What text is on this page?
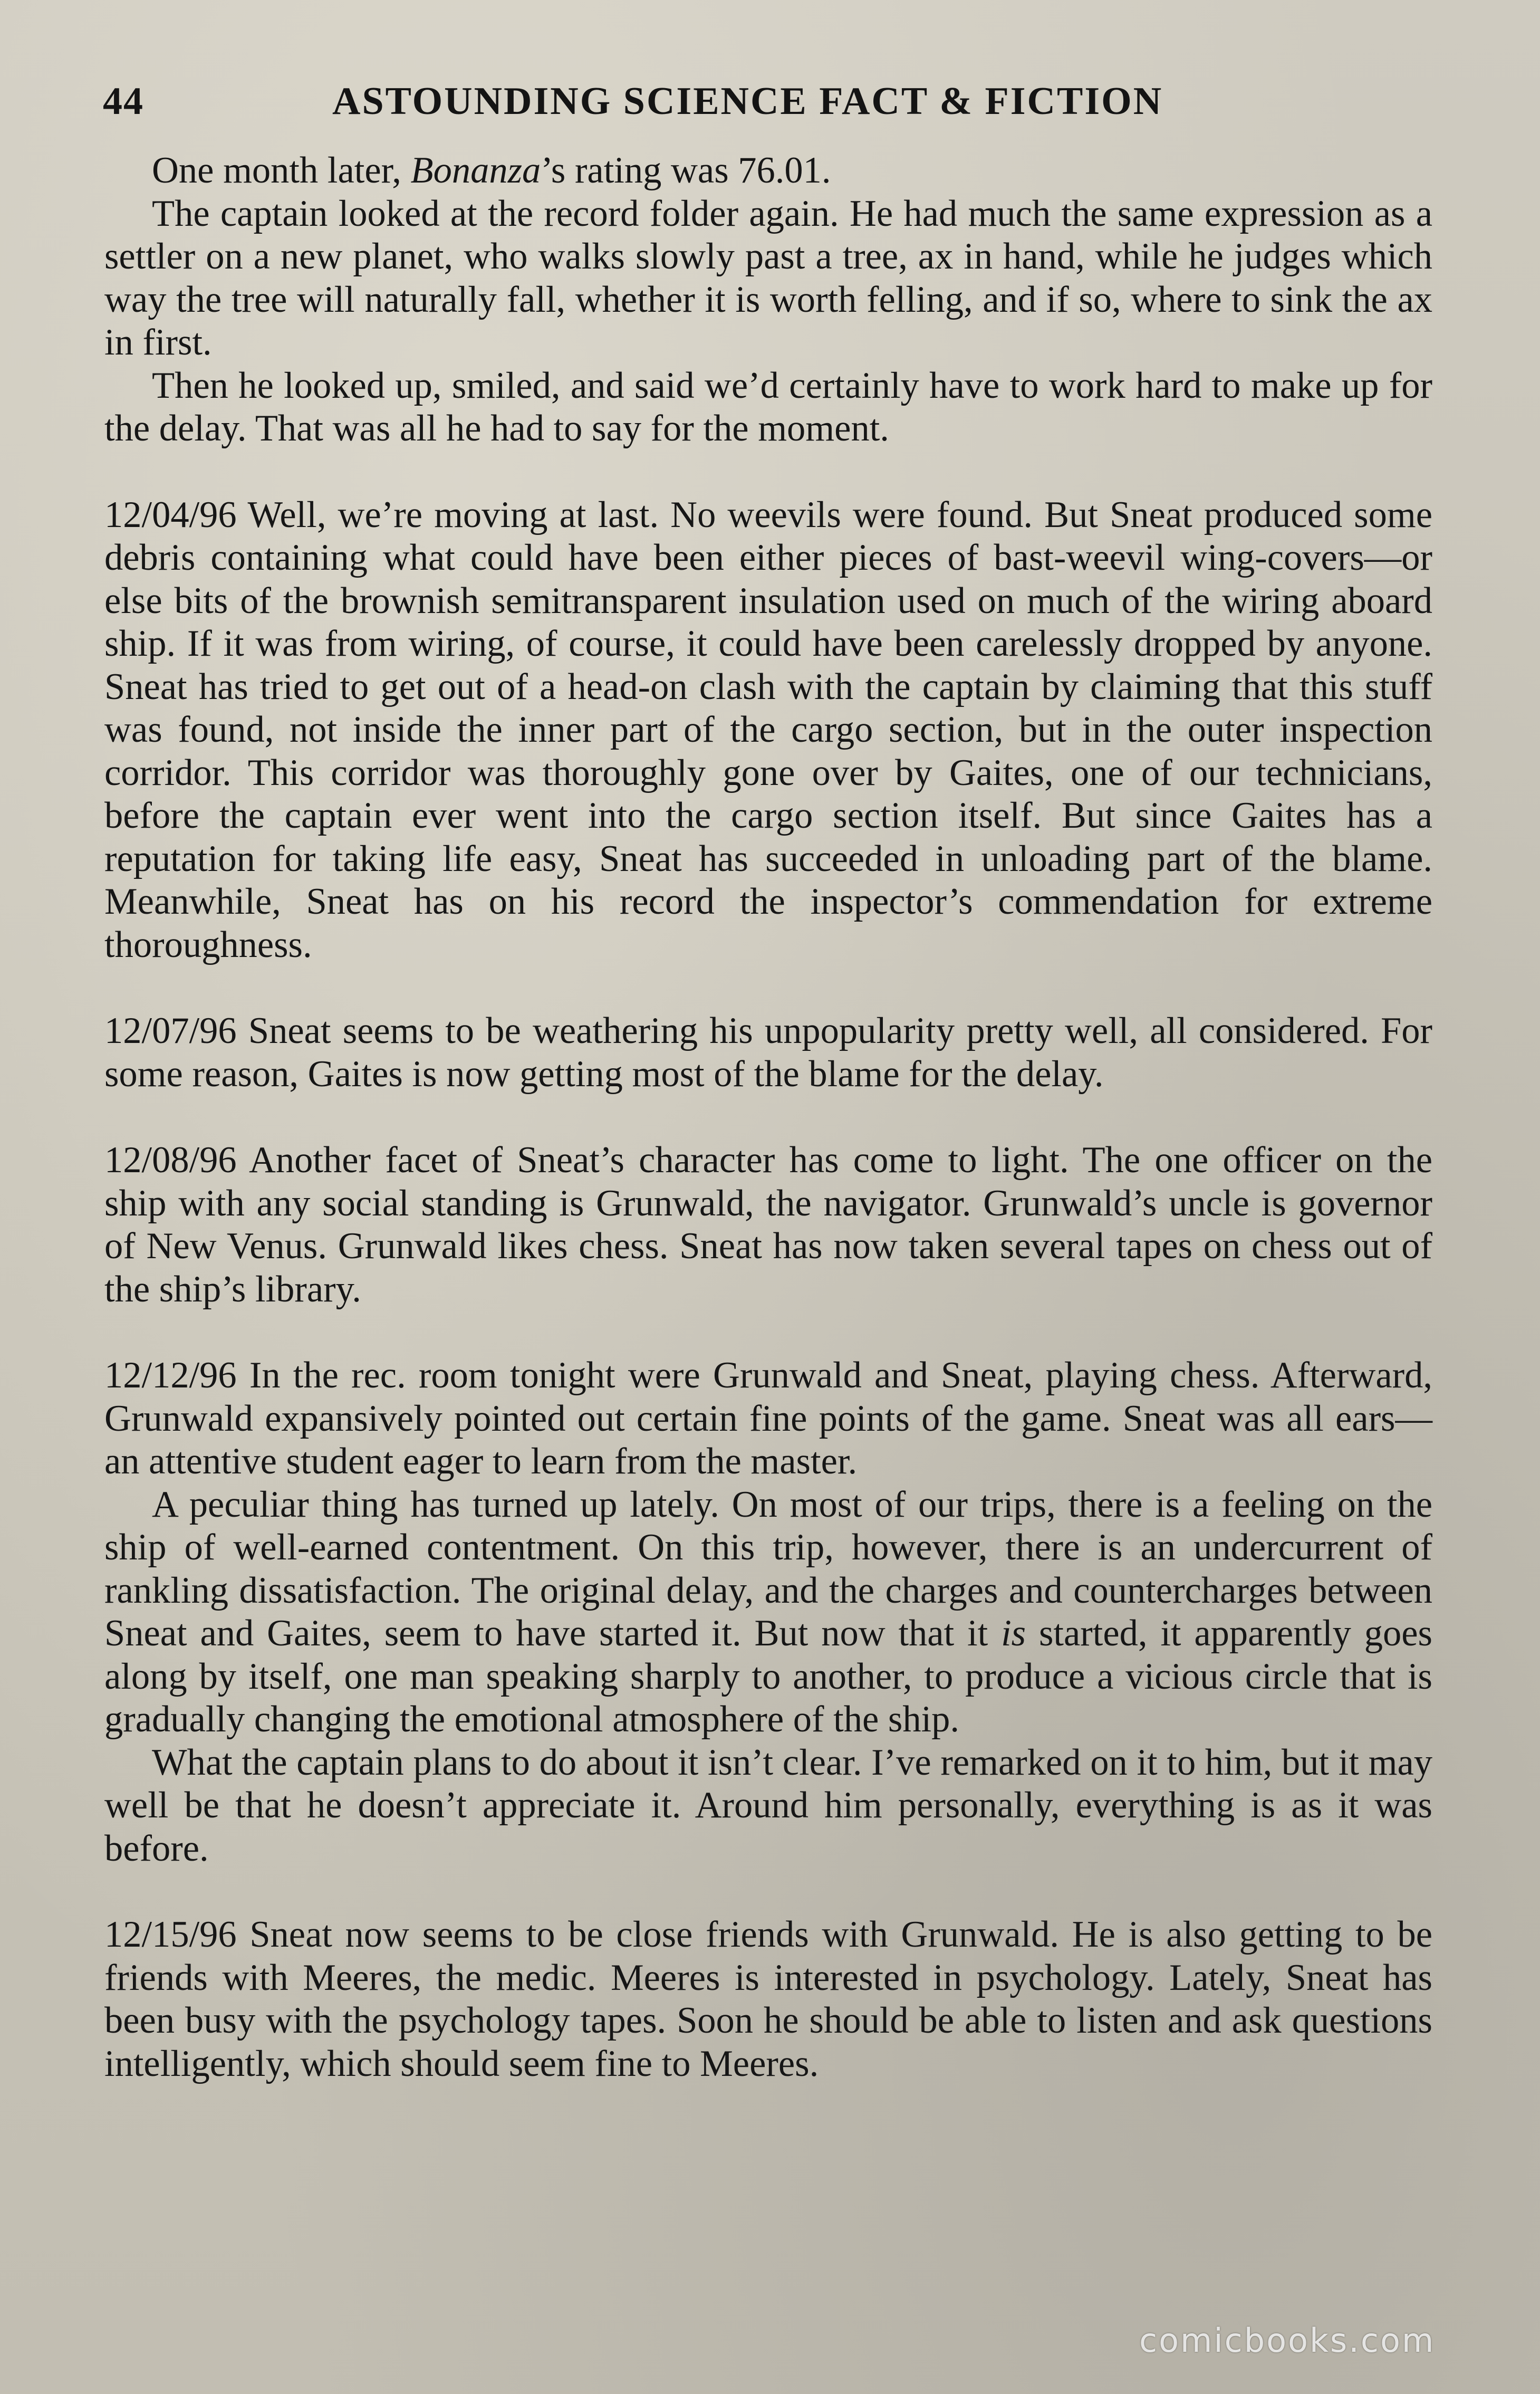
44	ASTOUNDING SCIENCE FACT & FICTION

One month later, Bonanza’s rating was 76.01.

The captain looked at the record folder again. He had much the same expression as a settler on a new planet, who walks slowly past a tree, ax in hand, while he judges which way the tree will naturally fall, whether it is worth felling, and if so, where to sink the ax in first.

Then he looked up, smiled, and said we’d certainly have to work hard to make up for the delay. That was all he had to say for the moment.

12/04/96 Well, we’re moving at last. No weevils were found. But Sneat produced some debris containing what could have been either pieces of bast-weevil wing-covers—or else bits of the brownish semitransparent insulation used on much of the wiring aboard ship. If it was from wiring, of course, it could have been carelessly dropped by anyone. Sneat has tried to get out of a head-on clash with the captain by claiming that this stuff was found, not inside the inner part of the cargo section, but in the outer inspection corridor. This corridor was thoroughly gone over by Gaites, one of our technicians, before the captain ever went into the cargo section itself. But since Gaites has a reputation for taking life easy, Sneat has succeeded in unloading part of the blame. Meanwhile, Sneat has on his record the inspector’s commendation for extreme thoroughness.

12/07/96 Sneat seems to be weathering his unpopularity pretty well, all considered. For some reason, Gaites is now getting most of the blame for the delay.

12/08/96 Another facet of Sneat’s character has come to light. The one officer on the ship with any social standing is Grunwald, the navigator. Grunwald’s uncle is governor of New Venus. Grunwald likes chess. Sneat has now taken several tapes on chess out of the ship’s library.

12/12/96 In the rec. room tonight were Grunwald and Sneat, playing chess. Afterward, Grunwald expansively pointed out certain fine points of the game. Sneat was all ears—an attentive student eager to learn from the master.

A peculiar thing has turned up lately. On most of our trips, there is a feeling on the ship of well-earned contentment. On this trip, however, there is an undercurrent of rankling dissatisfaction. The original delay, and the charges and countercharges between Sneat and Gaites, seem to have started it. But now that it is started, it apparently goes along by itself, one man speaking sharply to another, to produce a vicious circle that is gradually changing the emotional atmosphere of the ship.

What the captain plans to do about it isn’t clear. I’ve remarked on it to him, but it may well be that he doesn’t appreciate it. Around him personally, everything is as it was before.

12/15/96 Sneat now seems to be close friends with Grunwald. He is also getting to be friends with Meeres, the medic. Meeres is interested in psychology. Lately, Sneat has been busy with the psychology tapes. Soon he should be able to listen and ask questions intelligently, which should seem fine to Meeres.

comicbooks.com
